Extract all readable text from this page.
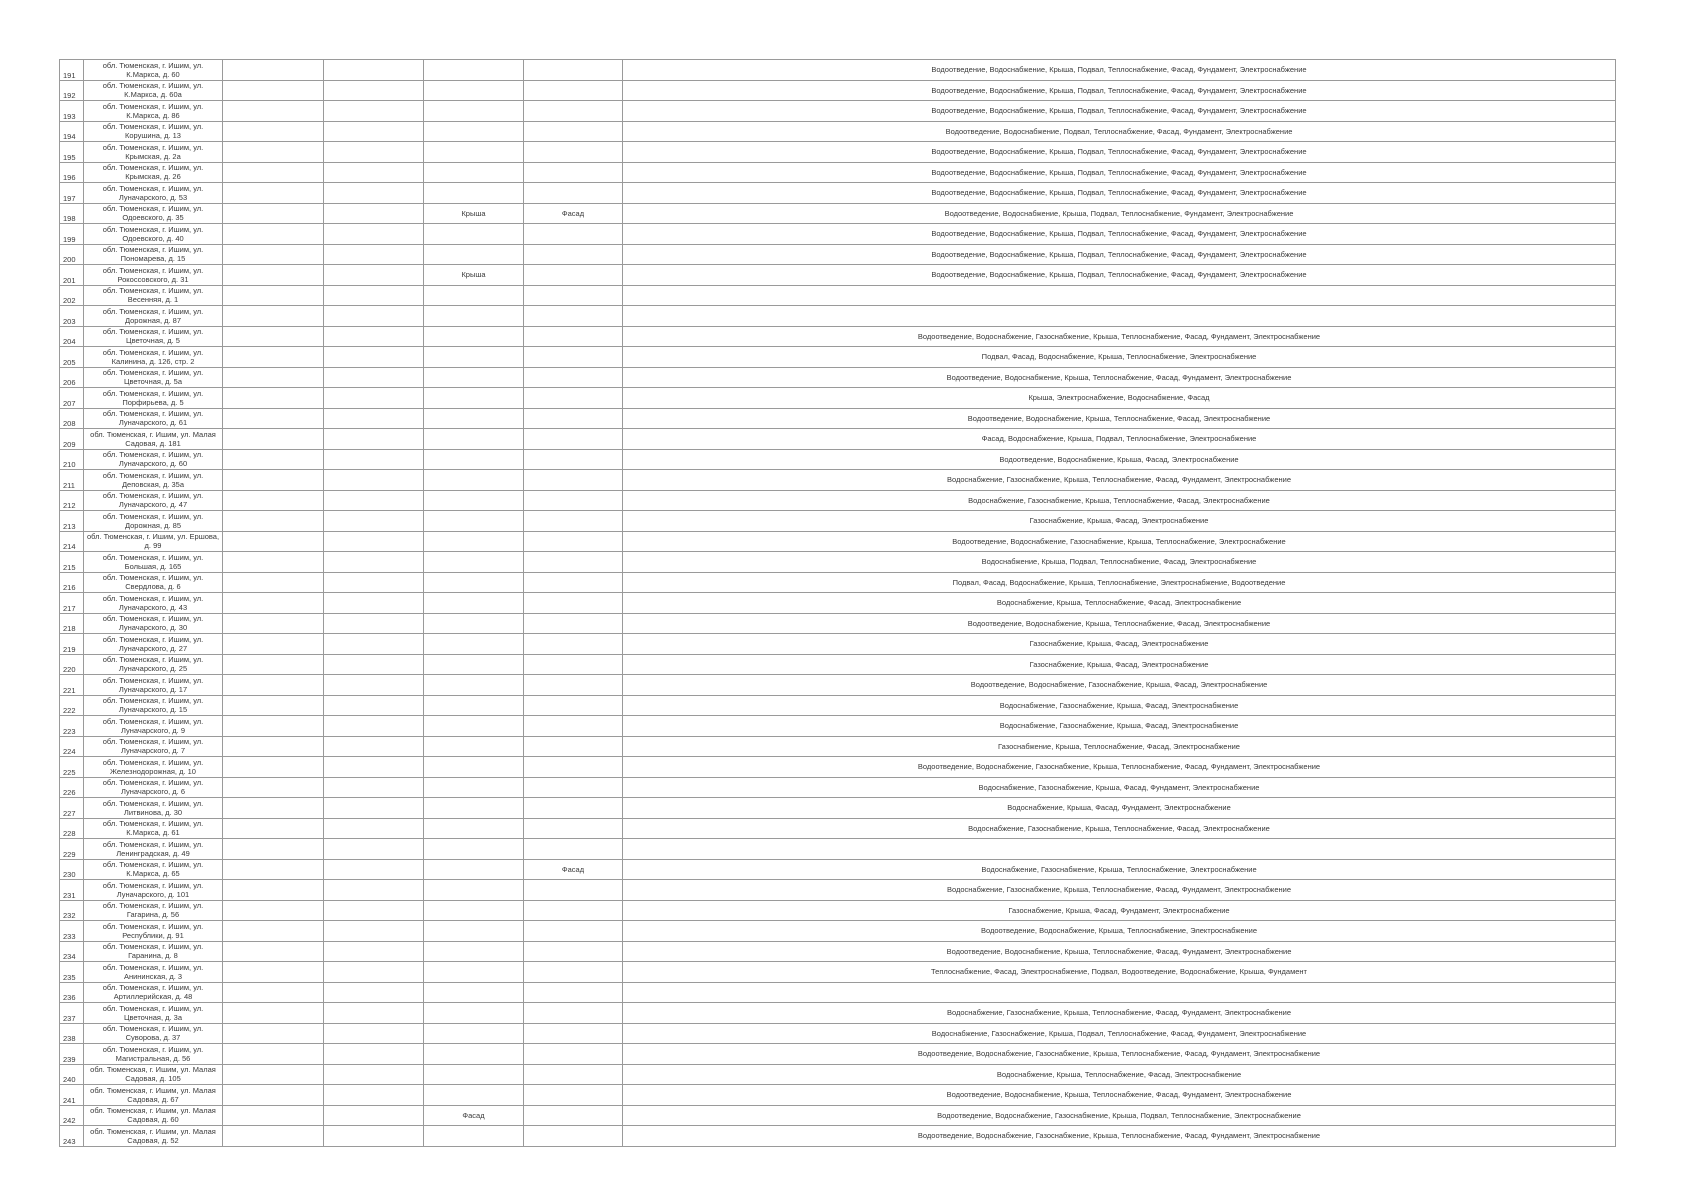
191	обл. Тюменская, г. Ишим, ул.
К.Маркса, д. 60					Водоотведение, Водоснабжение, Крыша, Подвал, Теплоснабжение, Фасад, Фундамент, Электроснабжение
192	обл. Тюменская, г. Ишим, ул.
К.Маркса, д. 60а					Водоотведение, Водоснабжение, Крыша, Подвал, Теплоснабжение, Фасад, Фундамент, Электроснабжение
193	обл. Тюменская, г. Ишим, ул.
К.Маркса, д. 86					Водоотведение, Водоснабжение, Крыша, Подвал, Теплоснабжение, Фасад, Фундамент, Электроснабжение
194	обл. Тюменская, г. Ишим, ул.
Корушина, д. 13					Водоотведение, Водоснабжение, Подвал, Теплоснабжение, Фасад, Фундамент, Электроснабжение
195	обл. Тюменская, г. Ишим, ул.
Крымская, д. 2а					Водоотведение, Водоснабжение, Крыша, Подвал, Теплоснабжение, Фасад, Фундамент, Электроснабжение
196	обл. Тюменская, г. Ишим, ул.
Крымская, д. 26					Водоотведение, Водоснабжение, Крыша, Подвал, Теплоснабжение, Фасад, Фундамент, Электроснабжение
197	обл. Тюменская, г. Ишим, ул.
Луначарского, д. 53					Водоотведение, Водоснабжение, Крыша, Подвал, Теплоснабжение, Фасад, Фундамент, Электроснабжение
198	обл. Тюменская, г. Ишим, ул.
Одоевского, д. 35			Крыша	Фасад	Водоотведение, Водоснабжение, Крыша, Подвал, Теплоснабжение, Фундамент, Электроснабжение
199	обл. Тюменская, г. Ишим, ул.
Одоевского, д. 40					Водоотведение, Водоснабжение, Крыша, Подвал, Теплоснабжение, Фасад, Фундамент, Электроснабжение
200	обл. Тюменская, г. Ишим, ул.
Пономарева, д. 15					Водоотведение, Водоснабжение, Крыша, Подвал, Теплоснабжение, Фасад, Фундамент, Электроснабжение
201	обл. Тюменская, г. Ишим, ул.
Рокоссовского, д. 31			Крыша		Водоотведение, Водоснабжение, Крыша, Подвал, Теплоснабжение, Фасад, Фундамент, Электроснабжение
202	обл. Тюменская, г. Ишим, ул.
Весенняя, д. 1					

203	обл. Тюменская, г. Ишим, ул.
Дорожная, д. 87					

204	обл. Тюменская, г. Ишим, ул.
Цветочная, д. 5					Водоотведение, Водоснабжение, Газоснабжение, Крыша, Теплоснабжение, Фасад, Фундамент, Электроснабжение
205	обл. Тюменская, г. Ишим, ул.
Калинина, д. 126, стр. 2					Подвал, Фасад, Водоснабжение, Крыша, Теплоснабжение, Электроснабжение
206	обл. Тюменская, г. Ишим, ул.
Цветочная, д. 5а					Водоотведение, Водоснабжение, Крыша, Теплоснабжение, Фасад, Фундамент, Электроснабжение
207	обл. Тюменская, г. Ишим, ул.
Порфирьева, д. 5					Крыша, Электроснабжение, Водоснабжение, Фасад
208	обл. Тюменская, г. Ишим, ул.
Луначарского, д. 61					Водоотведение, Водоснабжение, Крыша, Теплоснабжение, Фасад, Электроснабжение
209	обл. Тюменская, г. Ишим, ул. Малая
Садовая, д. 181					Фасад, Водоснабжение, Крыша, Подвал, Теплоснабжение, Электроснабжение
210	обл. Тюменская, г. Ишим, ул.
Луначарского, д. 60					Водоотведение, Водоснабжение, Крыша, Фасад, Электроснабжение
211	обл. Тюменская, г. Ишим, ул.
Деповская, д. 35а					Водоснабжение, Газоснабжение, Крыша, Теплоснабжение, Фасад, Фундамент, Электроснабжение
212	обл. Тюменская, г. Ишим, ул.
Луначарского, д. 47					Водоснабжение, Газоснабжение, Крыша, Теплоснабжение, Фасад, Электроснабжение
213	обл. Тюменская, г. Ишим, ул.
Дорожная, д. 85					Газоснабжение, Крыша, Фасад, Электроснабжение
214	обл. Тюменская, г. Ишим, ул. Ершова,
д. 99					Водоотведение, Водоснабжение, Газоснабжение, Крыша, Теплоснабжение, Электроснабжение
215	обл. Тюменская, г. Ишим, ул.
Большая, д. 165					Водоснабжение, Крыша, Подвал, Теплоснабжение, Фасад, Электроснабжение
216	обл. Тюменская, г. Ишим, ул.
Свердлова, д. 6					Подвал, Фасад, Водоснабжение, Крыша, Теплоснабжение, Электроснабжение, Водоотведение
217	обл. Тюменская, г. Ишим, ул.
Луначарского, д. 43					Водоснабжение, Крыша, Теплоснабжение, Фасад, Электроснабжение
218	обл. Тюменская, г. Ишим, ул.
Луначарского, д. 30					Водоотведение, Водоснабжение, Крыша, Теплоснабжение, Фасад, Электроснабжение
219	обл. Тюменская, г. Ишим, ул.
Луначарского, д. 27					Газоснабжение, Крыша, Фасад, Электроснабжение
220	обл. Тюменская, г. Ишим, ул.
Луначарского, д. 25					Газоснабжение, Крыша, Фасад, Электроснабжение
221	обл. Тюменская, г. Ишим, ул.
Луначарского, д. 17					Водоотведение, Водоснабжение, Газоснабжение, Крыша, Фасад, Электроснабжение
222	обл. Тюменская, г. Ишим, ул.
Луначарского, д. 15					Водоснабжение, Газоснабжение, Крыша, Фасад, Электроснабжение
223	обл. Тюменская, г. Ишим, ул.
Луначарского, д. 9					Водоснабжение, Газоснабжение, Крыша, Фасад, Электроснабжение
224	обл. Тюменская, г. Ишим, ул.
Луначарского, д. 7					Газоснабжение, Крыша, Теплоснабжение, Фасад, Электроснабжение
225	обл. Тюменская, г. Ишим, ул.
Железнодорожная, д. 10					Водоотведение, Водоснабжение, Газоснабжение, Крыша, Теплоснабжение, Фасад, Фундамент, Электроснабжение
226	обл. Тюменская, г. Ишим, ул.
Луначарского, д. 6					Водоснабжение, Газоснабжение, Крыша, Фасад, Фундамент, Электроснабжение
227	обл. Тюменская, г. Ишим, ул.
Литвинова, д. 30					Водоснабжение, Крыша, Фасад, Фундамент, Электроснабжение
228	обл. Тюменская, г. Ишим, ул.
К.Маркса, д. 61					Водоснабжение, Газоснабжение, Крыша, Теплоснабжение, Фасад, Электроснабжение
229	обл. Тюменская, г. Ишим, ул.
Ленинградская, д. 49					

230	обл. Тюменская, г. Ишим, ул.
К.Маркса, д. 65				Фасад	Водоснабжение, Газоснабжение, Крыша, Теплоснабжение, Электроснабжение
231	обл. Тюменская, г. Ишим, ул.
Луначарского, д. 101					Водоснабжение, Газоснабжение, Крыша, Теплоснабжение, Фасад, Фундамент, Электроснабжение
232	обл. Тюменская, г. Ишим, ул.
Гагарина, д. 56					Газоснабжение, Крыша, Фасад, Фундамент, Электроснабжение
233	обл. Тюменская, г. Ишим, ул.
Республики, д. 91					Водоотведение, Водоснабжение, Крыша, Теплоснабжение, Электроснабжение
234	обл. Тюменская, г. Ишим, ул.
Гаранина, д. 8					Водоотведение, Водоснабжение, Крыша, Теплоснабжение, Фасад, Фундамент, Электроснабжение
235	обл. Тюменская, г. Ишим, ул.
Анининская, д. 3					Теплоснабжение, Фасад, Электроснабжение, Подвал, Водоотведение, Водоснабжение, Крыша, Фундамент
236	обл. Тюменская, г. Ишим, ул.
Артиллерийская, д. 48					

237	обл. Тюменская, г. Ишим, ул.
Цветочная, д. 3а					Водоснабжение, Газоснабжение, Крыша, Теплоснабжение, Фасад, Фундамент, Электроснабжение
238	обл. Тюменская, г. Ишим, ул.
Суворова, д. 37					Водоснабжение, Газоснабжение, Крыша, Подвал, Теплоснабжение, Фасад, Фундамент, Электроснабжение
239	обл. Тюменская, г. Ишим, ул.
Магистральная, д. 56					Водоотведение, Водоснабжение, Газоснабжение, Крыша, Теплоснабжение, Фасад, Фундамент, Электроснабжение
240	обл. Тюменская, г. Ишим, ул. Малая
Садовая, д. 105					Водоснабжение, Крыша, Теплоснабжение, Фасад, Электроснабжение
241	обл. Тюменская, г. Ишим, ул. Малая
Садовая, д. 67					Водоотведение, Водоснабжение, Крыша, Теплоснабжение, Фасад, Фундамент, Электроснабжение
242	обл. Тюменская, г. Ишим, ул. Малая
Садовая, д. 60			Фасад		Водоотведение, Водоснабжение, Газоснабжение, Крыша, Подвал, Теплоснабжение, Электроснабжение
243	обл. Тюменская, г. Ишим, ул. Малая
Садовая, д. 52					Водоотведение, Водоснабжение, Газоснабжение, Крыша, Теплоснабжение, Фасад, Фундамент, Электроснабжение
